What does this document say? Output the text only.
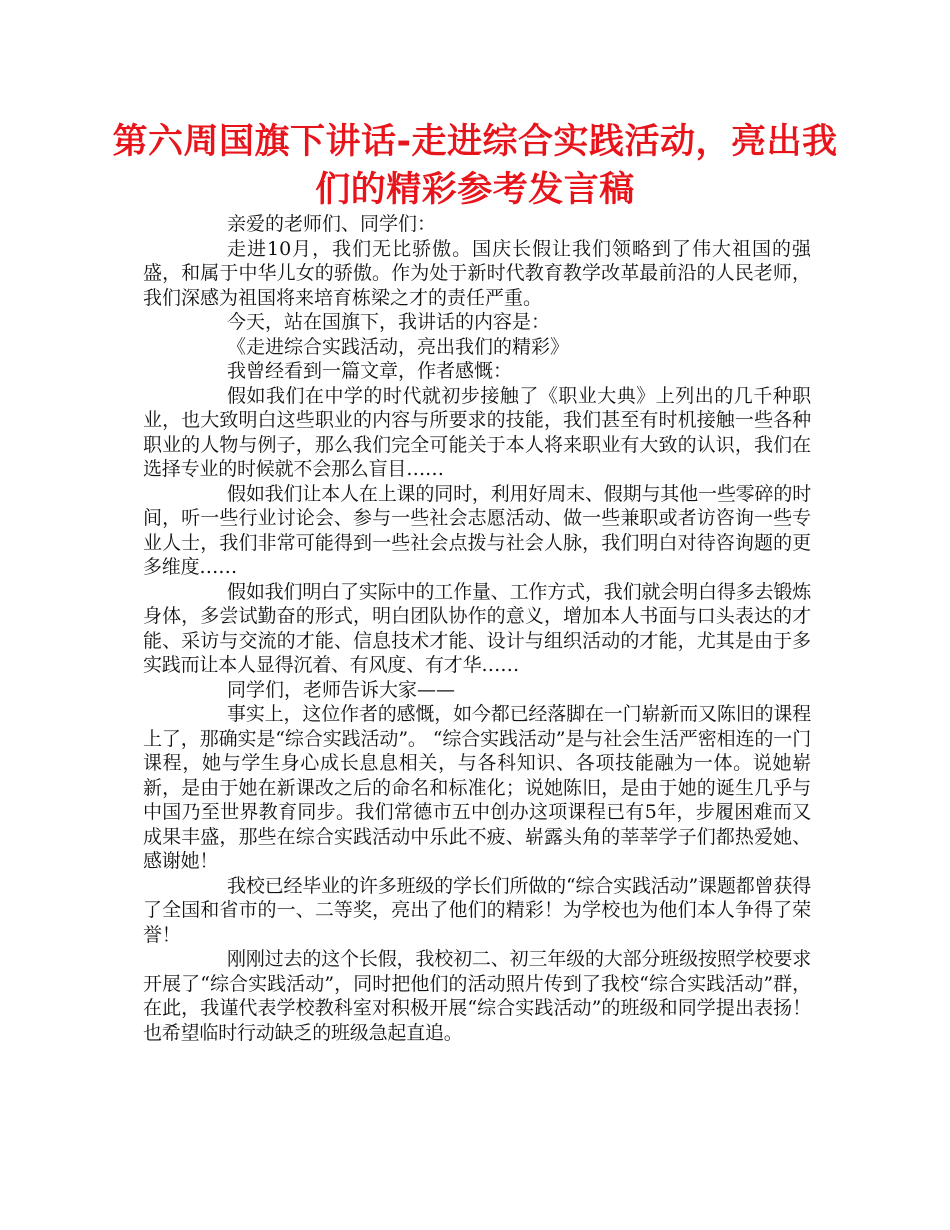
第六周国旗下讲话-走进综合实践活动，亮出我们的精彩参考发言稿

亲爱的老师们、同学们：

走进10月，我们无比骄傲。国庆长假让我们领略到了伟大祖国的强盛，和属于中华儿女的骄傲。作为处于新时代教育教学改革最前沿的人民老师，我们深感为祖国将来培育栋梁之才的责任严重。

今天，站在国旗下，我讲话的内容是：

《走进综合实践活动，亮出我们的精彩》

我曾经看到一篇文章，作者感慨：

假如我们在中学的时代就初步接触了《职业大典》上列出的几千种职业，也大致明白这些职业的内容与所要求的技能，我们甚至有时机接触一些各种职业的人物与例子，那么我们完全可能关于本人将来职业有大致的认识，我们在选择专业的时候就不会那么盲目……

假如我们让本人在上课的同时，利用好周末、假期与其他一些零碎的时间，听一些行业讨论会、参与一些社会志愿活动、做一些兼职或者访咨询一些专业人士，我们非常可能得到一些社会点拨与社会人脉，我们明白对待咨询题的更多维度……

假如我们明白了实际中的工作量、工作方式，我们就会明白得多去锻炼身体，多尝试勤奋的形式，明白团队协作的意义，增加本人书面与口头表达的才能、采访与交流的才能、信息技术才能、设计与组织活动的才能，尤其是由于多实践而让本人显得沉着、有风度、有才华……

同学们，老师告诉大家——

事实上，这位作者的感慨，如今都已经落脚在一门崭新而又陈旧的课程上了，那确实是“综合实践活动”。 “综合实践活动”是与社会生活严密相连的一门课程，她与学生身心成长息息相关，与各科知识、各项技能融为一体。说她崭新，是由于她在新课改之后的命名和标准化；说她陈旧，是由于她的诞生几乎与中国乃至世界教育同步。我们常德市五中创办这项课程已有5年，步履困难而又成果丰盛，那些在综合实践活动中乐此不疲、崭露头角的莘莘学子们都热爱她、感谢她！

我校已经毕业的许多班级的学长们所做的“综合实践活动”课题都曾获得了全国和省市的一、二等奖，亮出了他们的精彩！为学校也为他们本人争得了荣誉！

刚刚过去的这个长假，我校初二、初三年级的大部分班级按照学校要求开展了“综合实践活动”，同时把他们的活动照片传到了我校“综合实践活动”群，在此，我谨代表学校教科室对积极开展“综合实践活动”的班级和同学提出表扬！也希望临时行动缺乏的班级急起直追。
